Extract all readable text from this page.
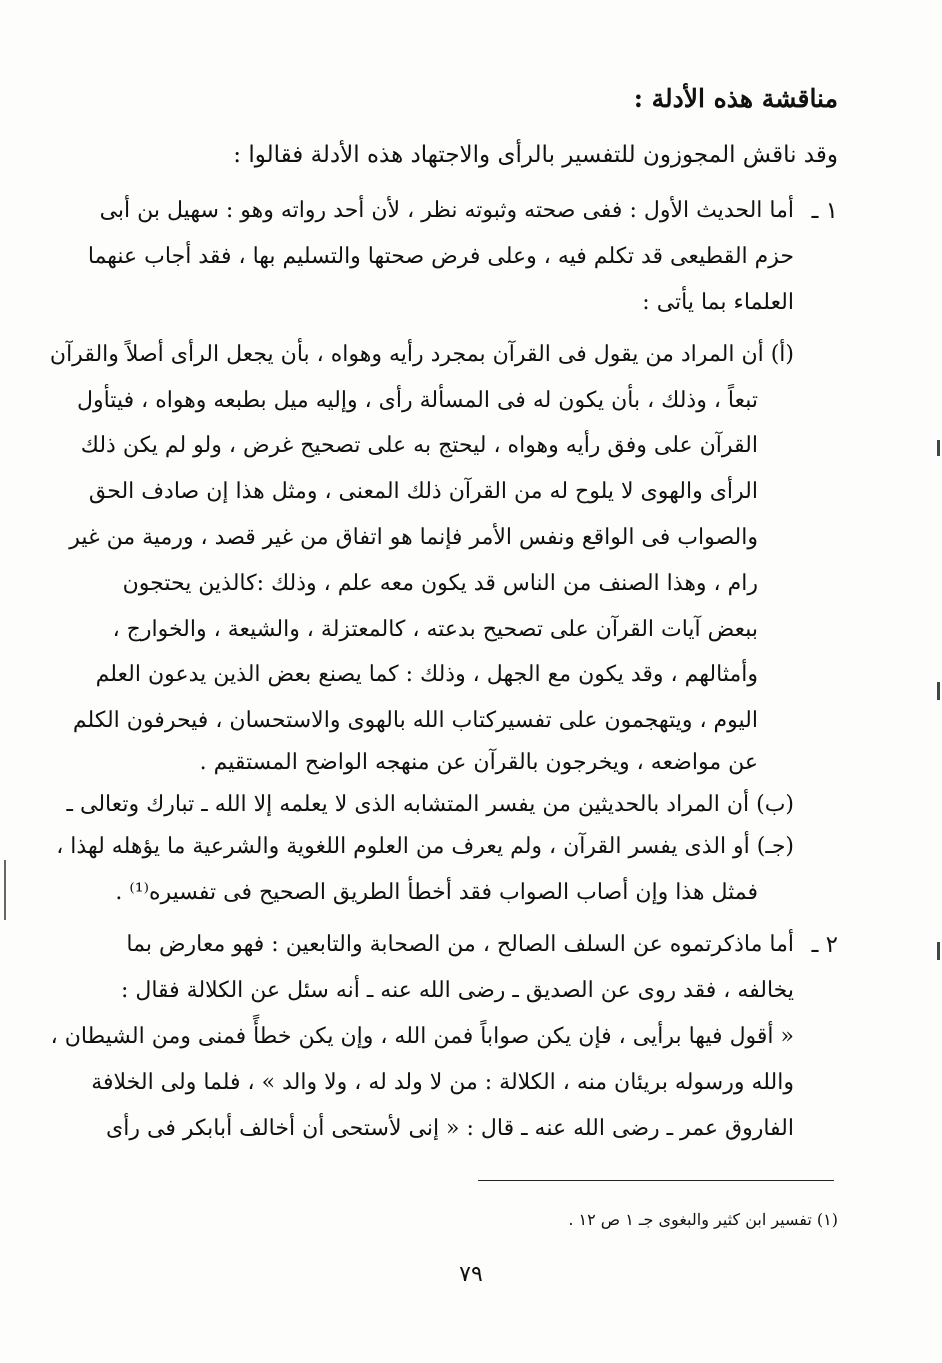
مناقشة هذه الأدلة :
وقد ناقش المجوزون للتفسير بالرأى والاجتهاد هذه الأدلة فقالوا :
١ ـ
أما الحديث الأول : ففى صحته وثبوته نظر ، لأن أحد رواته وهو : سهيل بن أبى
حزم القطيعى قد تكلم فيه ، وعلى فرض صحتها والتسليم بها ، فقد أجاب عنهما
العلماء بما يأتى :
(أ) أن المراد من يقول فى القرآن بمجرد رأيه وهواه ، بأن يجعل الرأى أصلاً والقرآن
تبعاً ، وذلك ، بأن يكون له فى المسألة رأى ، وإليه ميل بطبعه وهواه ، فيتأول
القرآن على وفق رأيه وهواه ، ليحتج به على تصحيح غرض ، ولو لم يكن ذلك
الرأى والهوى لا يلوح له من القرآن ذلك المعنى ، ومثل هذا إن صادف الحق
والصواب فى الواقع ونفس الأمر فإنما هو اتفاق من غير قصد ، ورمية من غير
رام ، وهذا الصنف من الناس قد يكون معه علم ، وذلك :كالذين يحتجون
ببعض آيات القرآن على تصحيح بدعته ، كالمعتزلة ، والشيعة ، والخوارج ،
وأمثالهم ، وقد يكون مع الجهل ، وذلك : كما يصنع بعض الذين يدعون العلم
اليوم ، ويتهجمون على تفسيركتاب الله بالهوى والاستحسان ، فيحرفون الكلم
عن مواضعه ، ويخرجون بالقرآن عن منهجه الواضح المستقيم .
(ب) أن المراد بالحديثين من يفسر المتشابه الذى لا يعلمه إلا الله ـ تبارك وتعالى ـ
(جـ) أو الذى يفسر القرآن ، ولم يعرف من العلوم اللغوية والشرعية ما يؤهله لهذا ،
فمثل هذا وإن أصاب الصواب فقد أخطأ الطريق الصحيح فى تفسيره⁽¹⁾ .
٢ ـ
أما ماذكرتموه عن السلف الصالح ، من الصحابة والتابعين : فهو معارض بما
يخالفه ، فقد روى عن الصديق ـ رضى الله عنه ـ أنه سئل عن الكلالة فقال :
« أقول فيها برأيى ، فإن يكن صواباً فمن الله ، وإن يكن خطأً فمنى ومن الشيطان ،
والله ورسوله بريئان منه ، الكلالة : من لا ولد له ، ولا والد » ، فلما ولى الخلافة
الفاروق عمر ـ رضى الله عنه ـ قال : « إنى لأستحى أن أخالف أبابكر فى رأى
(١) تفسير ابن كثير والبغوى جـ ١ ص ١٢ .
٧٩
